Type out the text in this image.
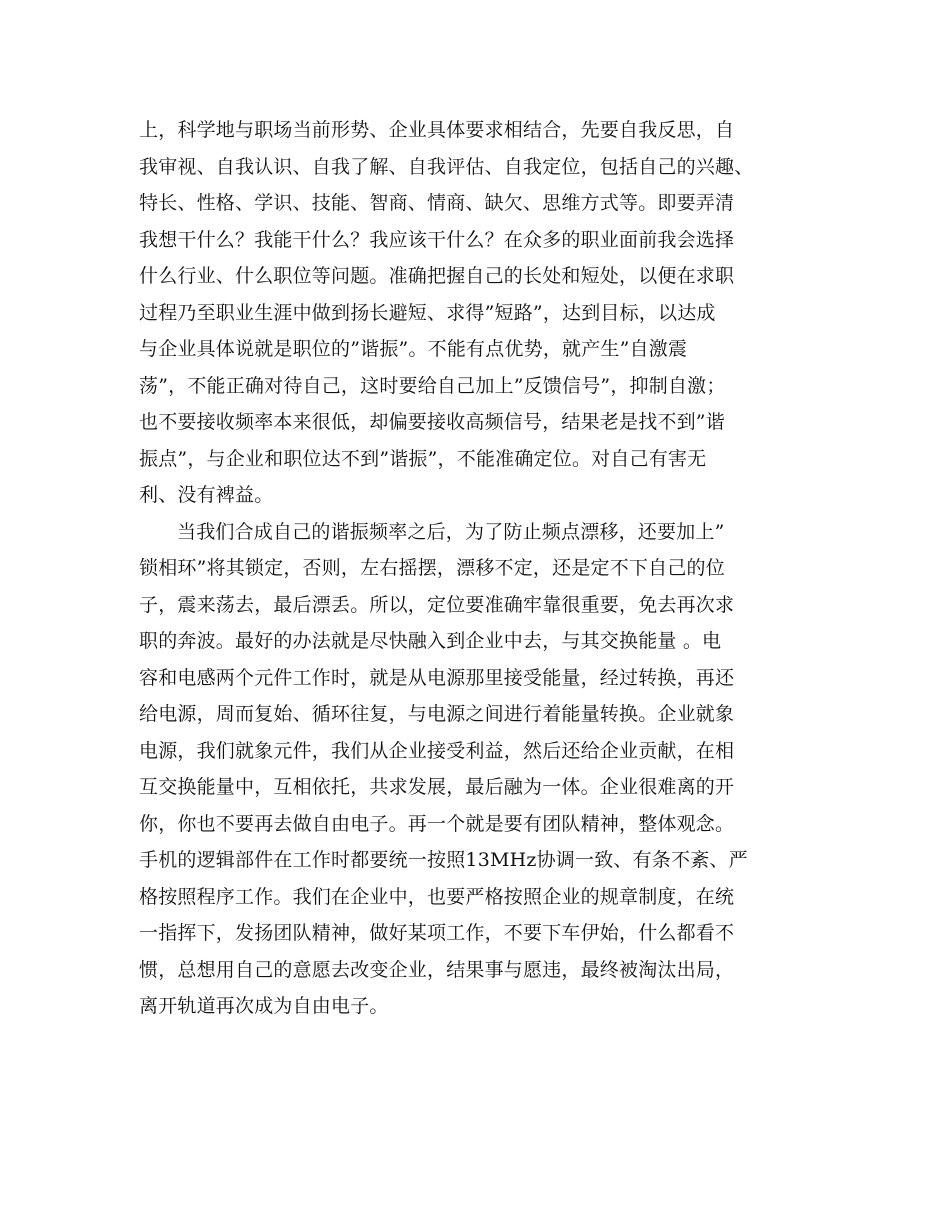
上，科学地与职场当前形势、企业具体要求相结合，先要自我反思，自
我审视、自我认识、自我了解、自我评估、自我定位，包括自己的兴趣、
特长、性格、学识、技能、智商、情商、缺欠、思维方式等。即要弄清
我想干什么？我能干什么？我应该干什么？在众多的职业面前我会选择
什么行业、什么职位等问题。准确把握自己的长处和短处，以便在求职
过程乃至职业生涯中做到扬长避短、求得”短路”，达到目标，以达成
与企业具体说就是职位的”谐振”。不能有点优势，就产生”自激震
荡”，不能正确对待自己，这时要给自己加上”反馈信号”，抑制自激；
也不要接收频率本来很低，却偏要接收高频信号，结果老是找不到”谐
振点”，与企业和职位达不到”谐振”，不能准确定位。对自己有害无
利、没有裨益。
当我们合成自己的谐振频率之后，为了防止频点漂移，还要加上”
锁相环”将其锁定，否则，左右摇摆，漂移不定，还是定不下自己的位
子，震来荡去，最后漂丢。所以，定位要准确牢靠很重要，免去再次求
职的奔波。最好的办法就是尽快融入到企业中去，与其交换能量 。电
容和电感两个元件工作时，就是从电源那里接受能量，经过转换，再还
给电源，周而复始、循环往复，与电源之间进行着能量转换。企业就象
电源，我们就象元件，我们从企业接受利益，然后还给企业贡献，在相
互交换能量中，互相依托，共求发展，最后融为一体。企业很难离的开
你，你也不要再去做自由电子。再一个就是要有团队精神，整体观念。
手机的逻辑部件在工作时都要统一按照13MHz协调一致、有条不紊、严
格按照程序工作。我们在企业中，也要严格按照企业的规章制度，在统
一指挥下，发扬团队精神，做好某项工作，不要下车伊始，什么都看不
惯，总想用自己的意愿去改变企业，结果事与愿违，最终被淘汰出局，
离开轨道再次成为自由电子。
